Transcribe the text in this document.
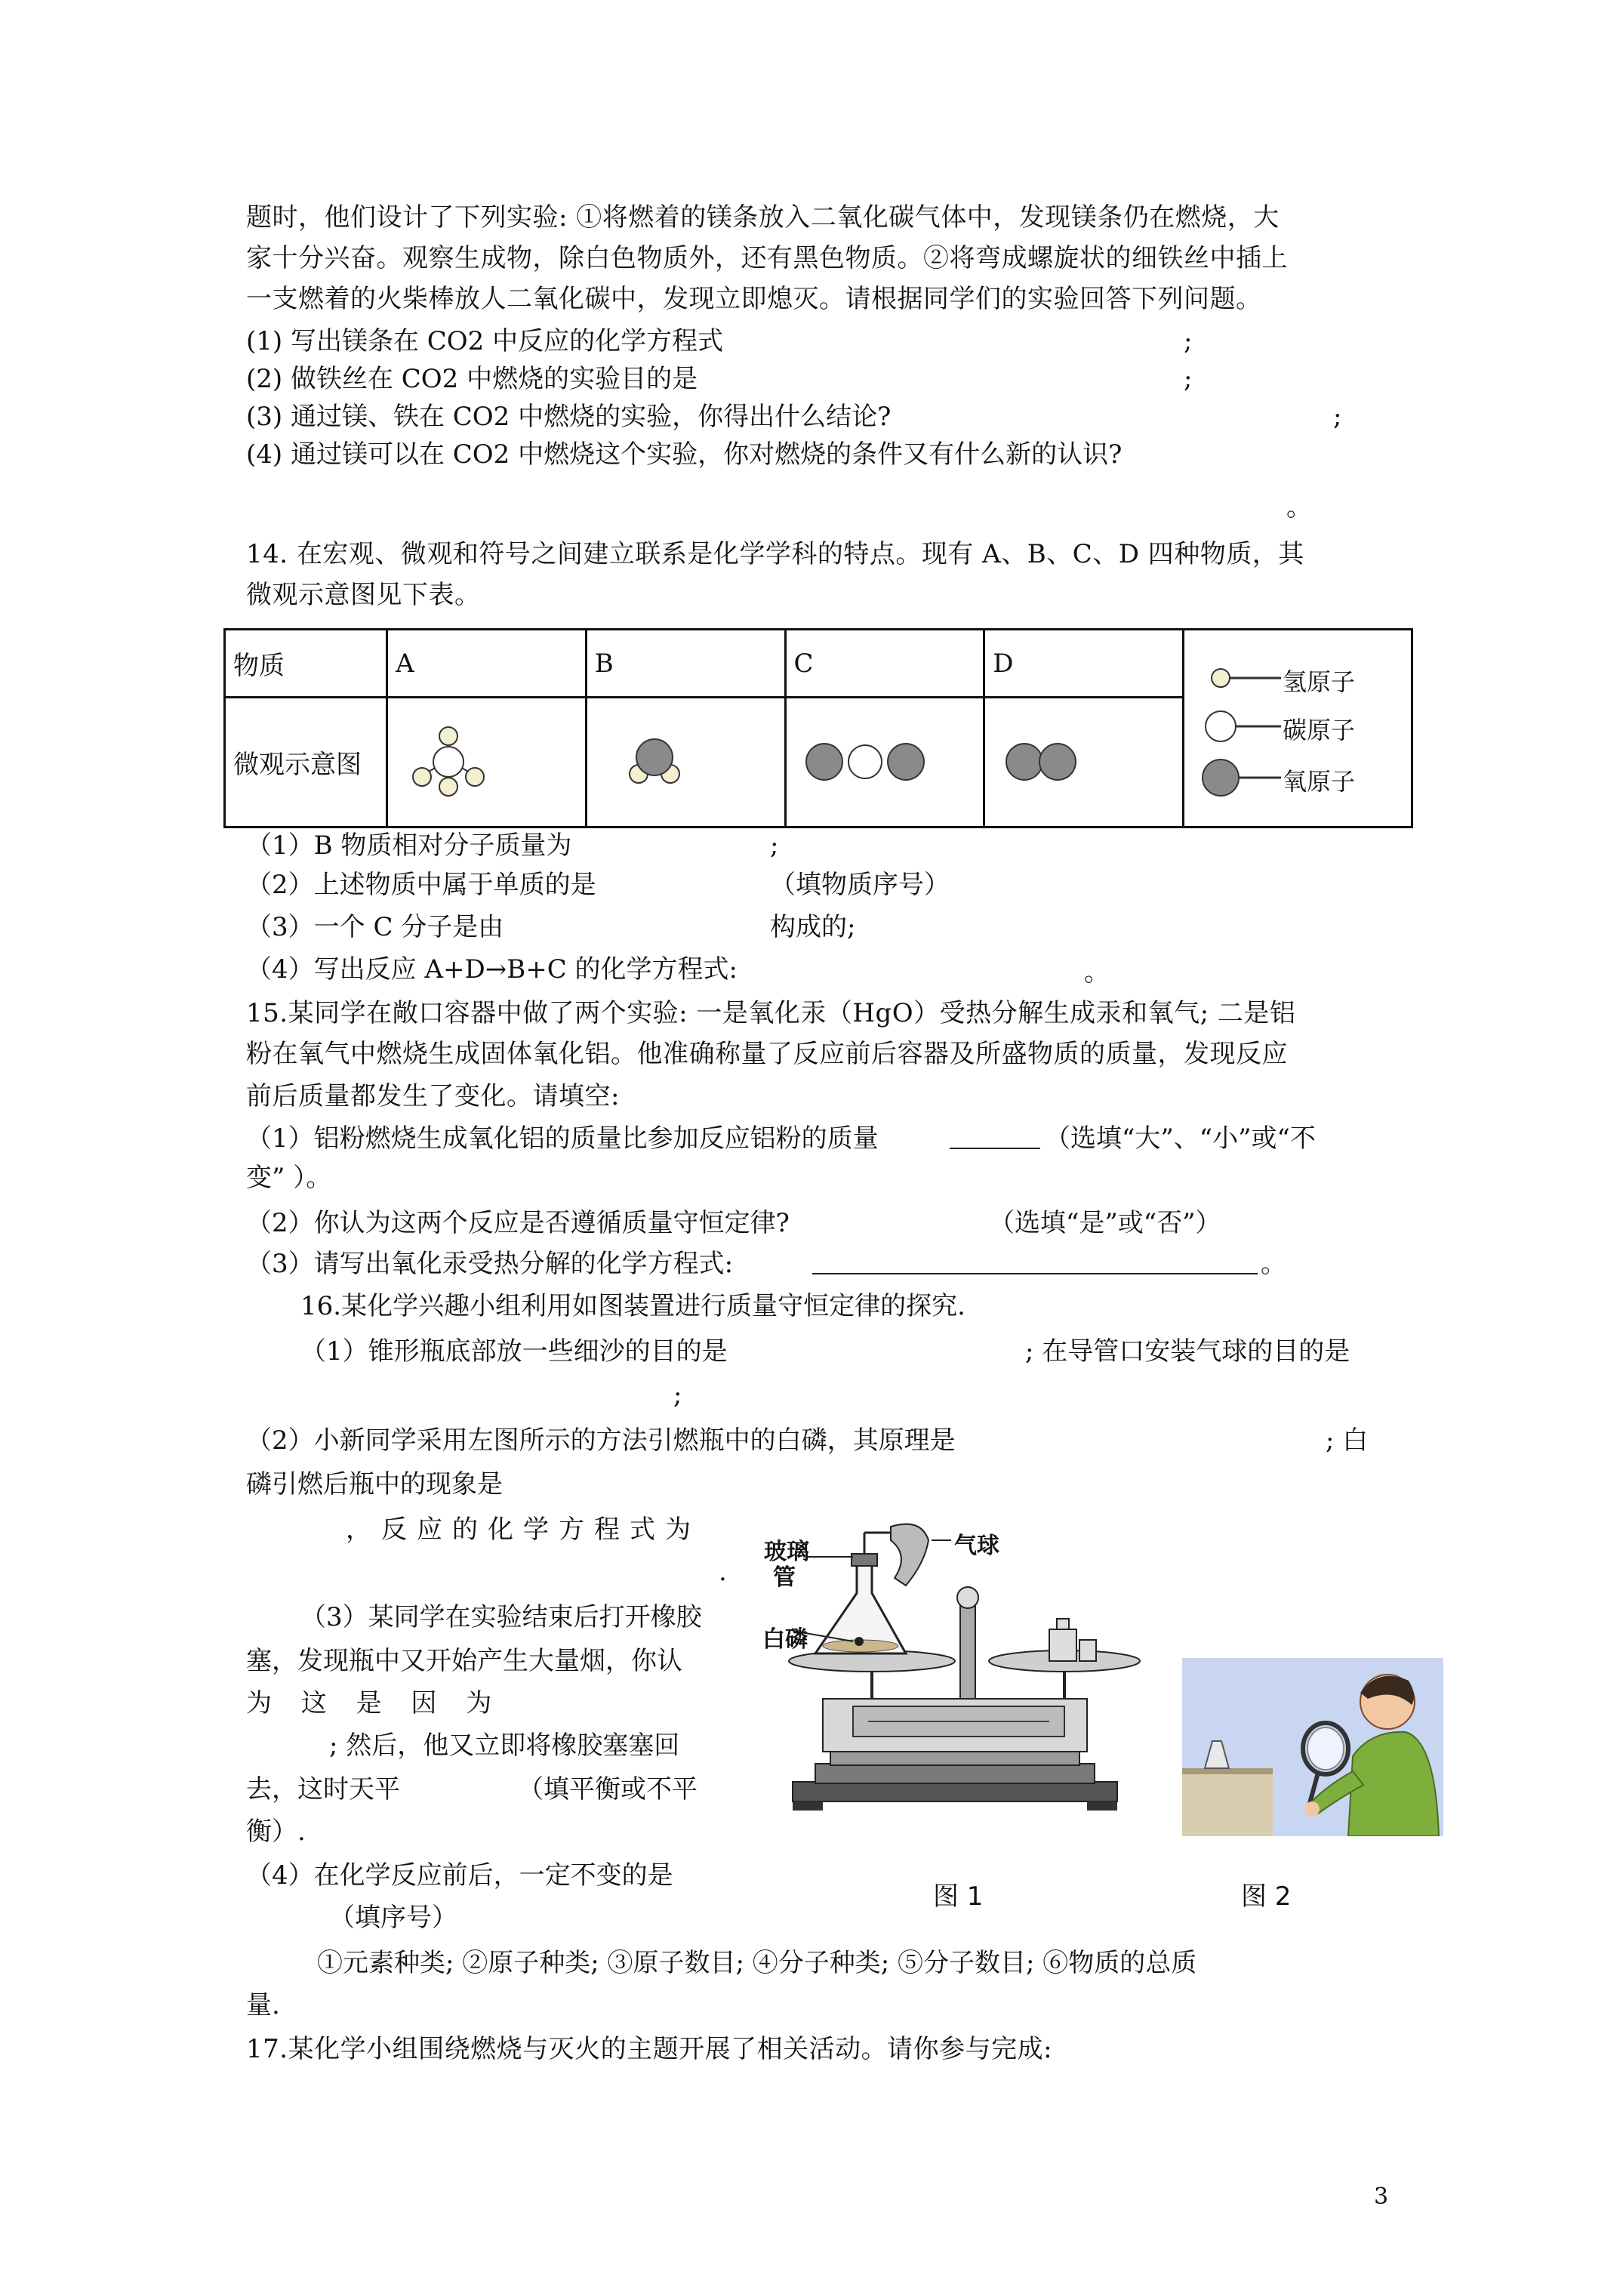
题时，他们设计了下列实验: ①将燃着的镁条放入二氧化碳气体中，发现镁条仍在燃烧，大
家十分兴奋。观察生成物，除白色物质外，还有黑色物质。②将弯成螺旋状的细铁丝中插上
一支燃着的火柴棒放人二氧化碳中，发现立即熄灭。请根据同学们的实验回答下列问题。
(1) 写出镁条在 CO2 中反应的化学方程式	;
(2) 做铁丝在 CO2 中燃烧的实验目的是	;
(3) 通过镁、铁在 CO2 中燃烧的实验，你得出什么结论?	;
(4) 通过镁可以在 CO2 中燃烧这个实验，你对燃烧的条件又有什么新的认识?
。
14. 在宏观、微观和符号之间建立联系是化学学科的特点。现有 A、B、C、D 四种物质，其
微观示意图见下表。
物质	A	B	C	D	氢原子
碳原子
氧原子

微观示意图				
（1）B 物质相对分子质量为	;
（2）上述物质中属于单质的是	（填物质序号）
（3）一个 C 分子是由	构成的;
（4）写出反应 A+D→B+C 的化学方程式:	。
15.某同学在敞口容器中做了两个实验: 一是氧化汞（HgO）受热分解生成汞和氧气; 二是铝
粉在氧气中燃烧生成固体氧化铝。他准确称量了反应前后容器及所盛物质的质量，发现反应
前后质量都发生了变化。请填空:
（1）铝粉燃烧生成氧化铝的质量比参加反应铝粉的质量	（选填“大”、“小”或“不
变” ）。
（2）你认为这两个反应是否遵循质量守恒定律?	（选填“是”或“否”）
（3）请写出氧化汞受热分解的化学方程式:	。
16.某化学兴趣小组利用如图装置进行质量守恒定律的探究.
（1）锥形瓶底部放一些细沙的目的是	; 在导管口安装气球的目的是
;
（2）小新同学采用左图所示的方法引燃瓶中的白磷，其原理是	; 白
磷引燃后瓶中的现象是
，反应的化学方程式为
.
（3）某同学在实验结束后打开橡胶
塞，发现瓶中又开始产生大量烟，你认
为 这 是 因 为
; 然后，他又立即将橡胶塞塞回
去，这时天平	（填平衡或不平
衡）.
（4）在化学反应前后，一定不变的是
（填序号）
①元素种类; ②原子种类; ③原子数目; ④分子种类; ⑤分子数目; ⑥物质的总质
量.
玻璃
管
气球
白磷
图 1	图 2
17.某化学小组围绕燃烧与灭火的主题开展了相关活动。请你参与完成:
3
